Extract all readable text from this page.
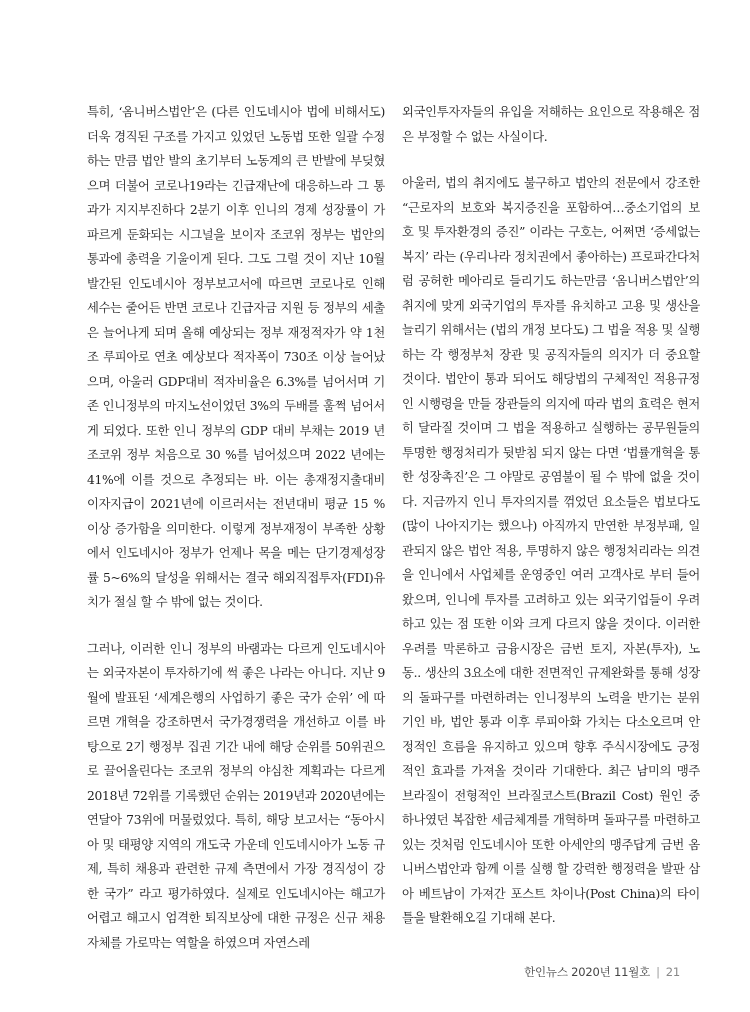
특히, ‘옴니버스법안’은 (다른 인도네시아 법에 비해서도) 더욱 경직된 구조를 가지고 있었던 노동법 또한 일괄 수정하는 만큼 법안 발의 초기부터 노동계의 큰 반발에 부딪혔으며 더불어 코로나19라는 긴급재난에 대응하느라 그 통과가 지지부진하다 2분기 이후 인니의 경제 성장률이 가파르게 둔화되는 시그널을 보이자 조코위 정부는 법안의 통과에 총력을 기울이게 된다. 그도 그럴 것이 지난 10월 발간된 인도네시아 정부보고서에 따르면 코로나로 인해 세수는 줄어든 반면 코로나 긴급자금 지원 등 정부의 세출은 늘어나게 되며 올해 예상되는 정부 재정적자가 약 1천조 루피아로 연초 예상보다 적자폭이 730조 이상 늘어났으며, 아울러 GDP대비 적자비율은 6.3%를 넘어서며 기존 인니정부의 마지노선이었던 3%의 두배를 훌쩍 넘어서게 되었다. 또한 인니 정부의 GDP 대비 부채는 2019 년 조코위 정부 처음으로 30 %를 넘어섰으며 2022 년에는 41%에 이를 것으로 추정되는 바. 이는 총재정지출대비 이자지급이 2021년에 이르러서는 전년대비 평균 15 %이상 증가함을 의미한다. 이렇게 정부재정이 부족한 상황에서 인도네시아 정부가 언제나 목을 메는 단기경제성장률 5~6%의 달성을 위해서는 결국 해외직접투자(FDI)유치가 절실 할 수 밖에 없는 것이다.

그러나, 이러한 인니 정부의 바램과는 다르게 인도네시아는 외국자본이 투자하기에 썩 좋은 나라는 아니다. 지난 9월에 발표된 ‘세계은행의 사업하기 좋은 국가 순위’ 에 따르면 개혁을 강조하면서 국가경쟁력을 개선하고 이를 바탕으로 2기 행정부 집권 기간 내에 해당 순위를 50위권으로 끌어올린다는 조코위 정부의 야심찬 계획과는 다르게 2018년 72위를 기록했던 순위는 2019년과 2020년에는 연달아 73위에 머물렀었다. 특히, 해당 보고서는 “동아시아 및 태평양 지역의 개도국 가운데 인도네시아가 노동 규제, 특히 채용과 관련한 규제 측면에서 가장 경직성이 강한 국가” 라고 평가하였다. 실제로 인도네시아는 해고가 어렵고 해고시 엄격한 퇴직보상에 대한 규정은 신규 채용 자체를 가로막는 역할을 하였으며 자연스레

외국인투자자들의 유입을 저해하는 요인으로 작용해온 점은 부정할 수 없는 사실이다.

아울러, 법의 취지에도 불구하고 법안의 전문에서 강조한 “근로자의 보호와 복지증진을 포함하여…중소기업의 보호 및 투자환경의 증진” 이라는 구호는, 어쩌면 ‘증세없는 복지’ 라는 (우리나라 정치권에서 좋아하는) 프로파간다처럼 공허한 메아리로 들리기도 하는만큼 ‘옴니버스법안’의 취지에 맞게 외국기업의 투자를 유치하고 고용 및 생산을 늘리기 위해서는 (법의 개정 보다도) 그 법을 적용 및 실행하는 각 행정부처 장관 및 공직자들의 의지가 더 중요할 것이다. 법안이 통과 되어도 해당법의 구체적인 적용규정인 시행령을 만들 장관들의 의지에 따라 법의 효력은 현저히 달라질 것이며 그 법을 적용하고 실행하는 공무원들의 투명한 행정처리가 뒷받침 되지 않는 다면 ‘법률개혁을 통한 성장촉진’은 그 야말로 공염불이 될 수 밖에 없을 것이다. 지금까지 인니 투자의지를 꺾었던 요소들은 법보다도 (많이 나아지기는 했으나) 아직까지 만연한 부정부패, 일관되지 않은 법안 적용, 투명하지 않은 행정처리라는 의견을 인니에서 사업체를 운영중인 여러 고객사로 부터 들어왔으며, 인니에 투자를 고려하고 있는 외국기업들이 우려하고 있는 점 또한 이와 크게 다르지 않을 것이다. 이러한 우려를 막론하고 금융시장은 금번 토지, 자본(투자), 노동.. 생산의 3요소에 대한 전면적인 규제완화를 통해 성장의 돌파구를 마련하려는 인니정부의 노력을 반기는 분위기인 바, 법안 통과 이후 루피아화 가치는 다소오르며 안정적인 흐름을 유지하고 있으며 향후 주식시장에도 긍정적인 효과를 가져올 것이라 기대한다. 최근 남미의 맹주 브라질이 전형적인 브라질코스트(Brazil Cost) 원인 중 하나였던 복잡한 세금체계를 개혁하며 돌파구를 마련하고 있는 것처럼 인도네시아 또한 아세안의 맹주답게 금번 옴니버스법안과 함께 이를 실행 할 강력한 행정력을 발판 삼아 베트남이 가져간 포스트 차이나(Post China)의 타이틀을 탈환해오길 기대해 본다.

한인뉴스 2020년 11월호 | 21
